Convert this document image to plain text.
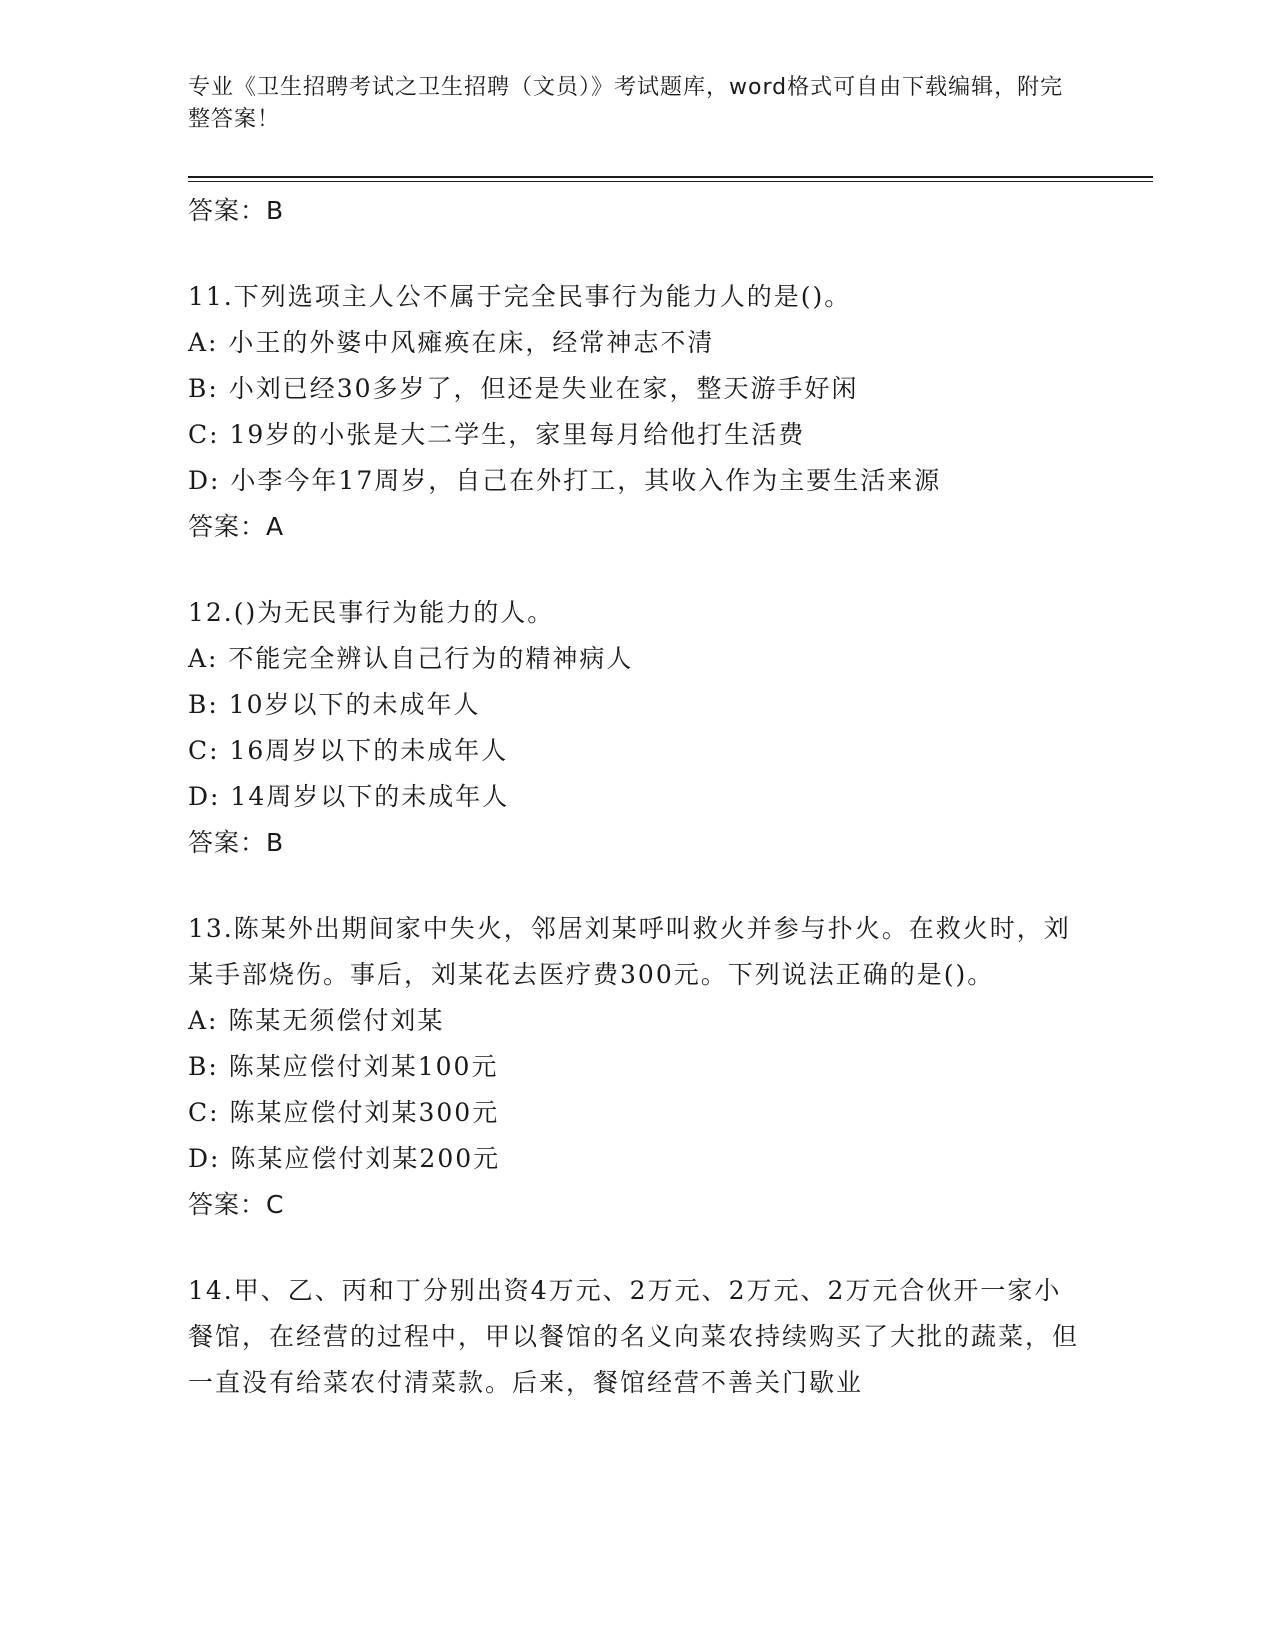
专业《卫生招聘考试之卫生招聘（文员）》考试题库，word格式可自由下载编辑，附完整答案！
答案：B
11.下列选项主人公不属于完全民事行为能力人的是()。
A: 小王的外婆中风瘫痪在床，经常神志不清
B: 小刘已经30多岁了，但还是失业在家，整天游手好闲
C: 19岁的小张是大二学生，家里每月给他打生活费
D: 小李今年17周岁，自己在外打工，其收入作为主要生活来源
答案：A
12.()为无民事行为能力的人。
A: 不能完全辨认自己行为的精神病人
B: 10岁以下的未成年人
C: 16周岁以下的未成年人
D: 14周岁以下的未成年人
答案：B
13.陈某外出期间家中失火，邻居刘某呼叫救火并参与扑火。在救火时，刘某手部烧伤。事后，刘某花去医疗费300元。下列说法正确的是()。
A: 陈某无须偿付刘某
B: 陈某应偿付刘某100元
C: 陈某应偿付刘某300元
D: 陈某应偿付刘某200元
答案：C
14.甲、乙、丙和丁分别出资4万元、2万元、2万元、2万元合伙开一家小餐馆，在经营的过程中，甲以餐馆的名义向菜农持续购买了大批的蔬菜，但一直没有给菜农付清菜款。后来，餐馆经营不善关门歇业
